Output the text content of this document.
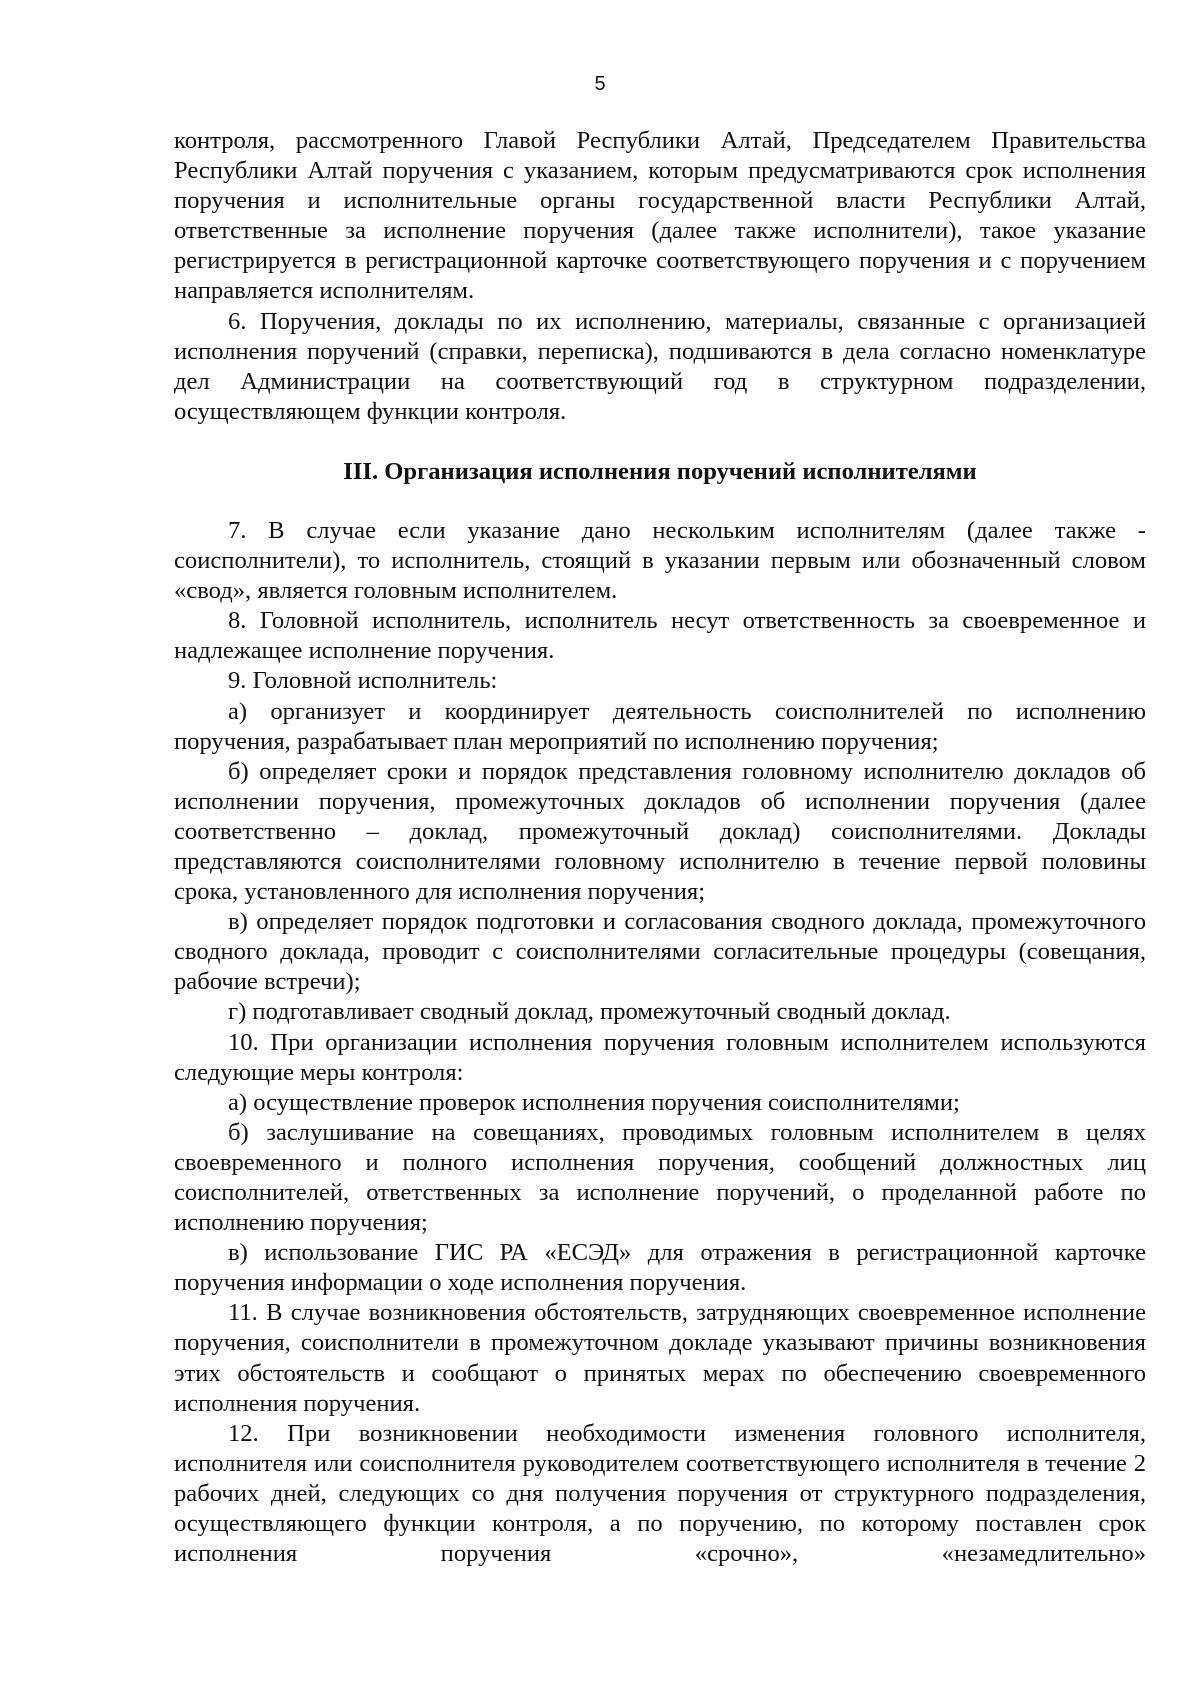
5

контроля, рассмотренного Главой Республики Алтай, Председателем Правительства Республики Алтай поручения с указанием, которым предусматриваются срок исполнения поручения и исполнительные органы государственной власти Республики Алтай, ответственные за исполнение поручения (далее также исполнители), такое указание регистрируется в регистрационной карточке соответствующего поручения и с поручением направляется исполнителям.

6. Поручения, доклады по их исполнению, материалы, связанные с организацией исполнения поручений (справки, переписка), подшиваются в дела согласно номенклатуре дел Администрации на соответствующий год в структурном подразделении, осуществляющем функции контроля.

III. Организация исполнения поручений исполнителями

7. В случае если указание дано нескольким исполнителям (далее также - соисполнители), то исполнитель, стоящий в указании первым или обозначенный словом «свод», является головным исполнителем.

8. Головной исполнитель, исполнитель несут ответственность за своевременное и надлежащее исполнение поручения.

9. Головной исполнитель:

а) организует и координирует деятельность соисполнителей по исполнению поручения, разрабатывает план мероприятий по исполнению поручения;

б) определяет сроки и порядок представления головному исполнителю докладов об исполнении поручения, промежуточных докладов об исполнении поручения (далее соответственно – доклад, промежуточный доклад) соисполнителями. Доклады представляются соисполнителями головному исполнителю в течение первой половины срока, установленного для исполнения поручения;

в) определяет порядок подготовки и согласования сводного доклада, промежуточного сводного доклада, проводит с соисполнителями согласительные процедуры (совещания, рабочие встречи);

г) подготавливает сводный доклад, промежуточный сводный доклад.

10. При организации исполнения поручения головным исполнителем используются следующие меры контроля:

а) осуществление проверок исполнения поручения соисполнителями;

б) заслушивание на совещаниях, проводимых головным исполнителем в целях своевременного и полного исполнения поручения, сообщений должностных лиц соисполнителей, ответственных за исполнение поручений, о проделанной работе по исполнению поручения;

в) использование ГИС РА «ЕСЭД» для отражения в регистрационной карточке поручения информации о ходе исполнения поручения.

11. В случае возникновения обстоятельств, затрудняющих своевременное исполнение поручения, соисполнители в промежуточном докладе указывают причины возникновения этих обстоятельств и сообщают о принятых мерах по обеспечению своевременного исполнения поручения.

12. При возникновении необходимости изменения головного исполнителя, исполнителя или соисполнителя руководителем соответствующего исполнителя в течение 2 рабочих дней, следующих со дня получения поручения от структурного подразделения, осуществляющего функции контроля, а по поручению, по которому поставлен срок исполнения поручения «срочно», «незамедлительно»
